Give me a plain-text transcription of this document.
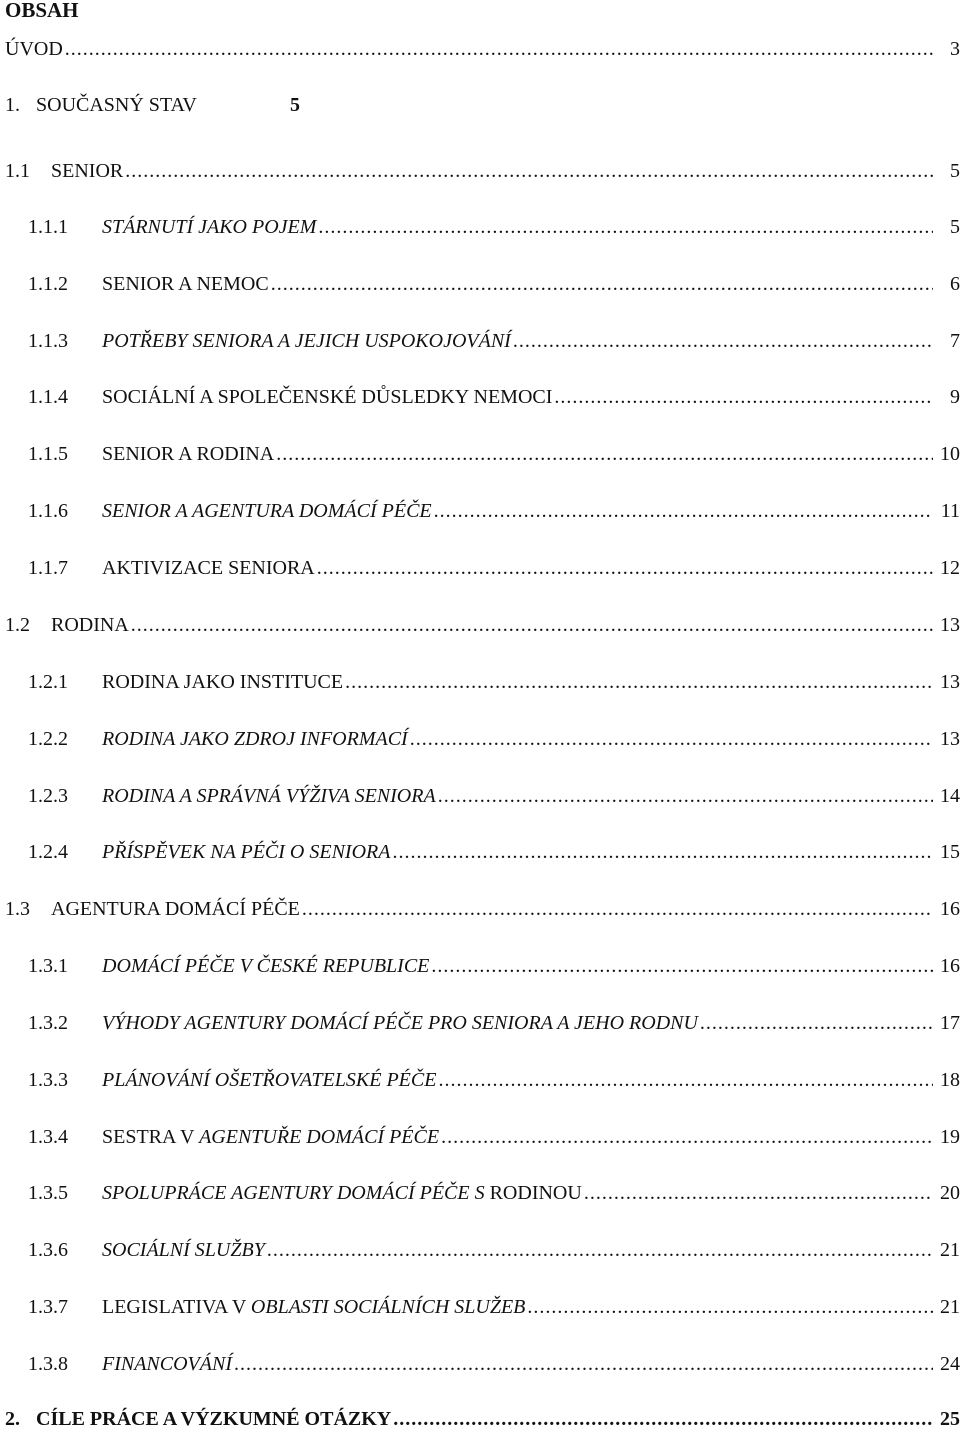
OBSAH
ÚVOD .....	3
1. SOUČASNÝ STAV	5
1.1 SENIOR .....	5
1.1.1 STÁRNUTÍ JAKO POJEM .....	5
1.1.2 SENIOR A NEMOC .....	6
1.1.3 POTŘEBY SENIORA A JEJICH USPOKOJOVÁNÍ .....	7
1.1.4 SOCIÁLNÍ A SPOLEČENSKÉ DŮSLEDKY NEMOCI .....	9
1.1.5 SENIOR A RODINA .....	10
1.1.6 SENIOR A AGENTURA DOMÁCÍ PÉČE .....	11
1.1.7 AKTIVIZACE SENIORA .....	12
1.2 RODINA .....	13
1.2.1 RODINA JAKO INSTITUCE .....	13
1.2.2 RODINA JAKO ZDROJ INFORMACÍ .....	13
1.2.3 RODINA A SPRÁVNÁ VÝŽIVA SENIORA .....	14
1.2.4 PŘÍSPĚVEK NA PÉČI O SENIORA .....	15
1.3 AGENTURA DOMÁCÍ PÉČE .....	16
1.3.1 DOMÁCÍ PÉČE V ČESKÉ REPUBLICE .....	16
1.3.2 VÝHODY AGENTURY DOMÁCÍ PÉČE PRO SENIORA A JEHO RODNU .....	17
1.3.3 PLÁNOVÁNÍ OŠETŘOVATELSKÉ PÉČE .....	18
1.3.4 SESTRA V AGENTUŘE DOMÁCÍ PÉČE .....	19
1.3.5 SPOLUPRÁCE AGENTURY DOMÁCÍ PÉČE S RODINOU .....	20
1.3.6 SOCIÁLNÍ SLUŽBY .....	21
1.3.7 LEGISLATIVA V OBLASTI SOCIÁLNÍCH SLUŽEB .....	21
1.3.8 FINANCOVÁNÍ .....	24
2. CÍLE PRÁCE A VÝZKUMNÉ OTÁZKY .....	25
